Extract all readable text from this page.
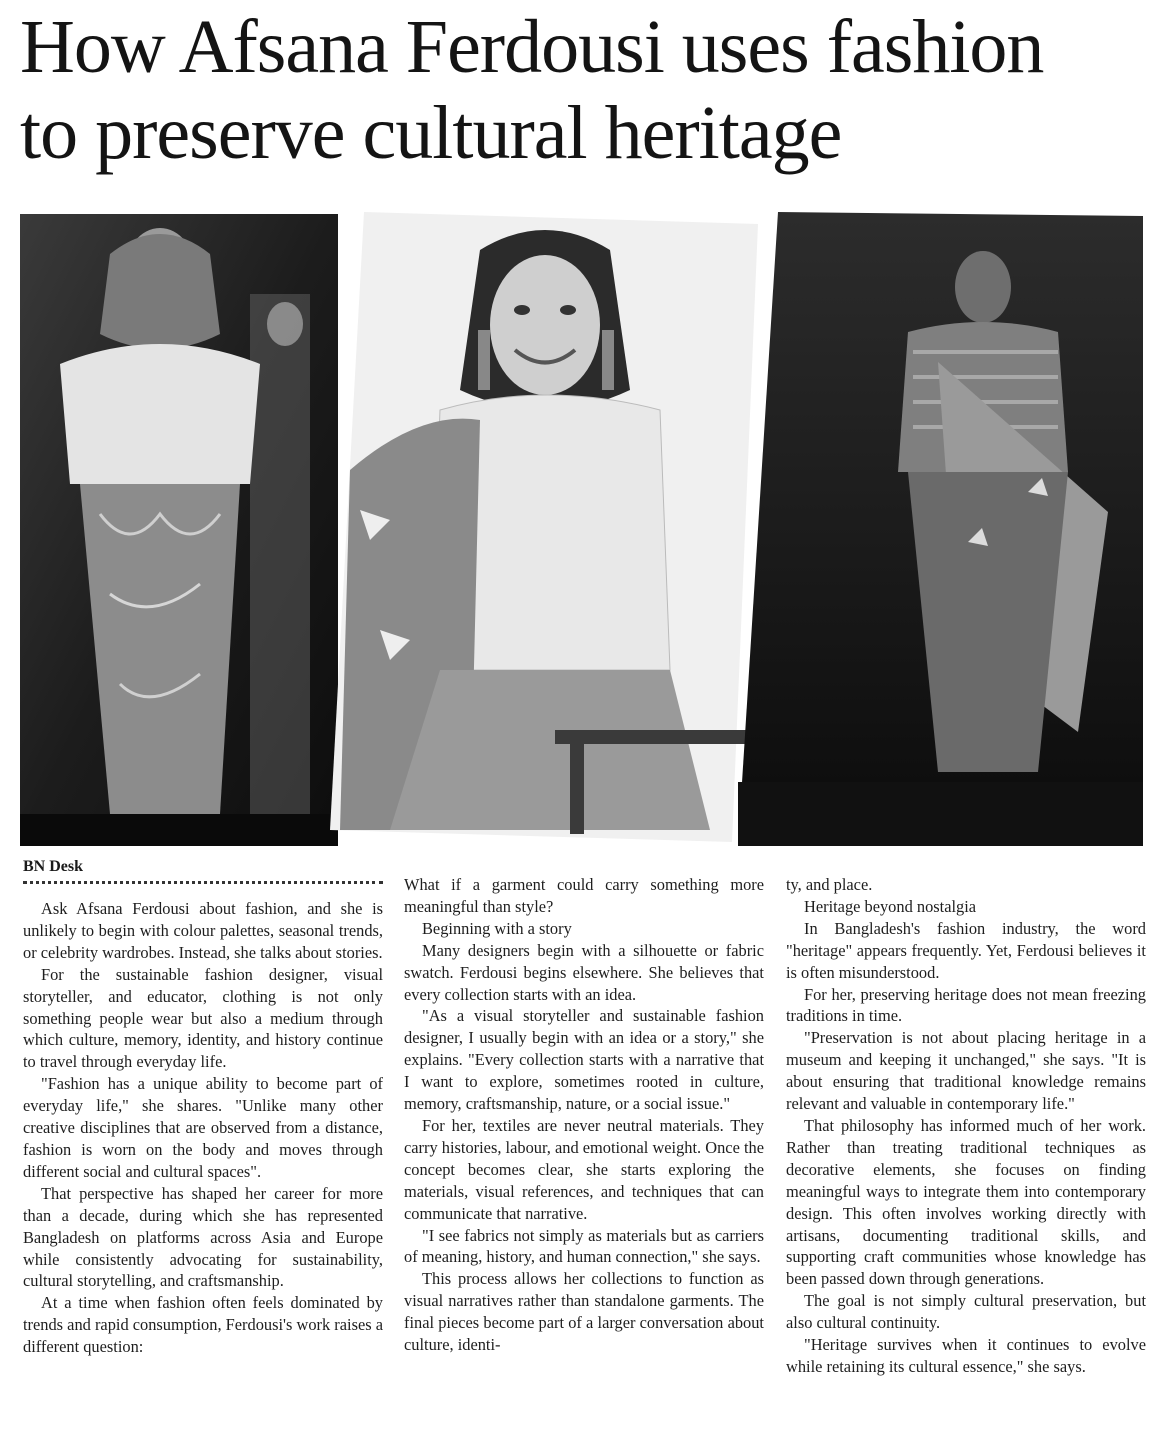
How Afsana Ferdousi uses fashion
to preserve cultural heritage
BN Desk

Ask Afsana Ferdousi about fashion, and she is unlikely to begin with colour palettes, seasonal trends, or celebrity wardrobes. Instead, she talks about stories.

For the sustainable fashion designer, visual storyteller, and educator, clothing is not only something people wear but also a medium through which culture, memory, identity, and history continue to travel through everyday life.

"Fashion has a unique ability to become part of everyday life," she shares. "Unlike many other creative disciplines that are observed from a distance, fashion is worn on the body and moves through different social and cultural spaces".

That perspective has shaped her career for more than a decade, during which she has represented Bangladesh on platforms across Asia and Europe while consistently advocating for sustainability, cultural storytelling, and craftsmanship.

At a time when fashion often feels dominated by trends and rapid consumption, Ferdousi's work raises a different question:

What if a garment could carry something more meaningful than style?

Beginning with a story

Many designers begin with a silhouette or fabric swatch. Ferdousi begins elsewhere. She believes that every collection starts with an idea.

"As a visual storyteller and sustainable fashion designer, I usually begin with an idea or a story," she explains. "Every collection starts with a narrative that I want to explore, sometimes rooted in culture, memory, craftsmanship, nature, or a social issue."

For her, textiles are never neutral materials. They carry histories, labour, and emotional weight. Once the concept becomes clear, she starts exploring the materials, visual references, and techniques that can communicate that narrative.

"I see fabrics not simply as materials but as carriers of meaning, history, and human connection," she says.

This process allows her collections to function as visual narratives rather than standalone garments. The final pieces become part of a larger conversation about culture, identi-

ty, and place.

Heritage beyond nostalgia

In Bangladesh's fashion industry, the word "heritage" appears frequently. Yet, Ferdousi believes it is often misunderstood.

For her, preserving heritage does not mean freezing traditions in time.

"Preservation is not about placing heritage in a museum and keeping it unchanged," she says. "It is about ensuring that traditional knowledge remains relevant and valuable in contemporary life."

That philosophy has informed much of her work. Rather than treating traditional techniques as decorative elements, she focuses on finding meaningful ways to integrate them into contemporary design. This often involves working directly with artisans, documenting traditional skills, and supporting craft communities whose knowledge has been passed down through generations.

The goal is not simply cultural preservation, but also cultural continuity.

"Heritage survives when it continues to evolve while retaining its cultural essence," she says.
